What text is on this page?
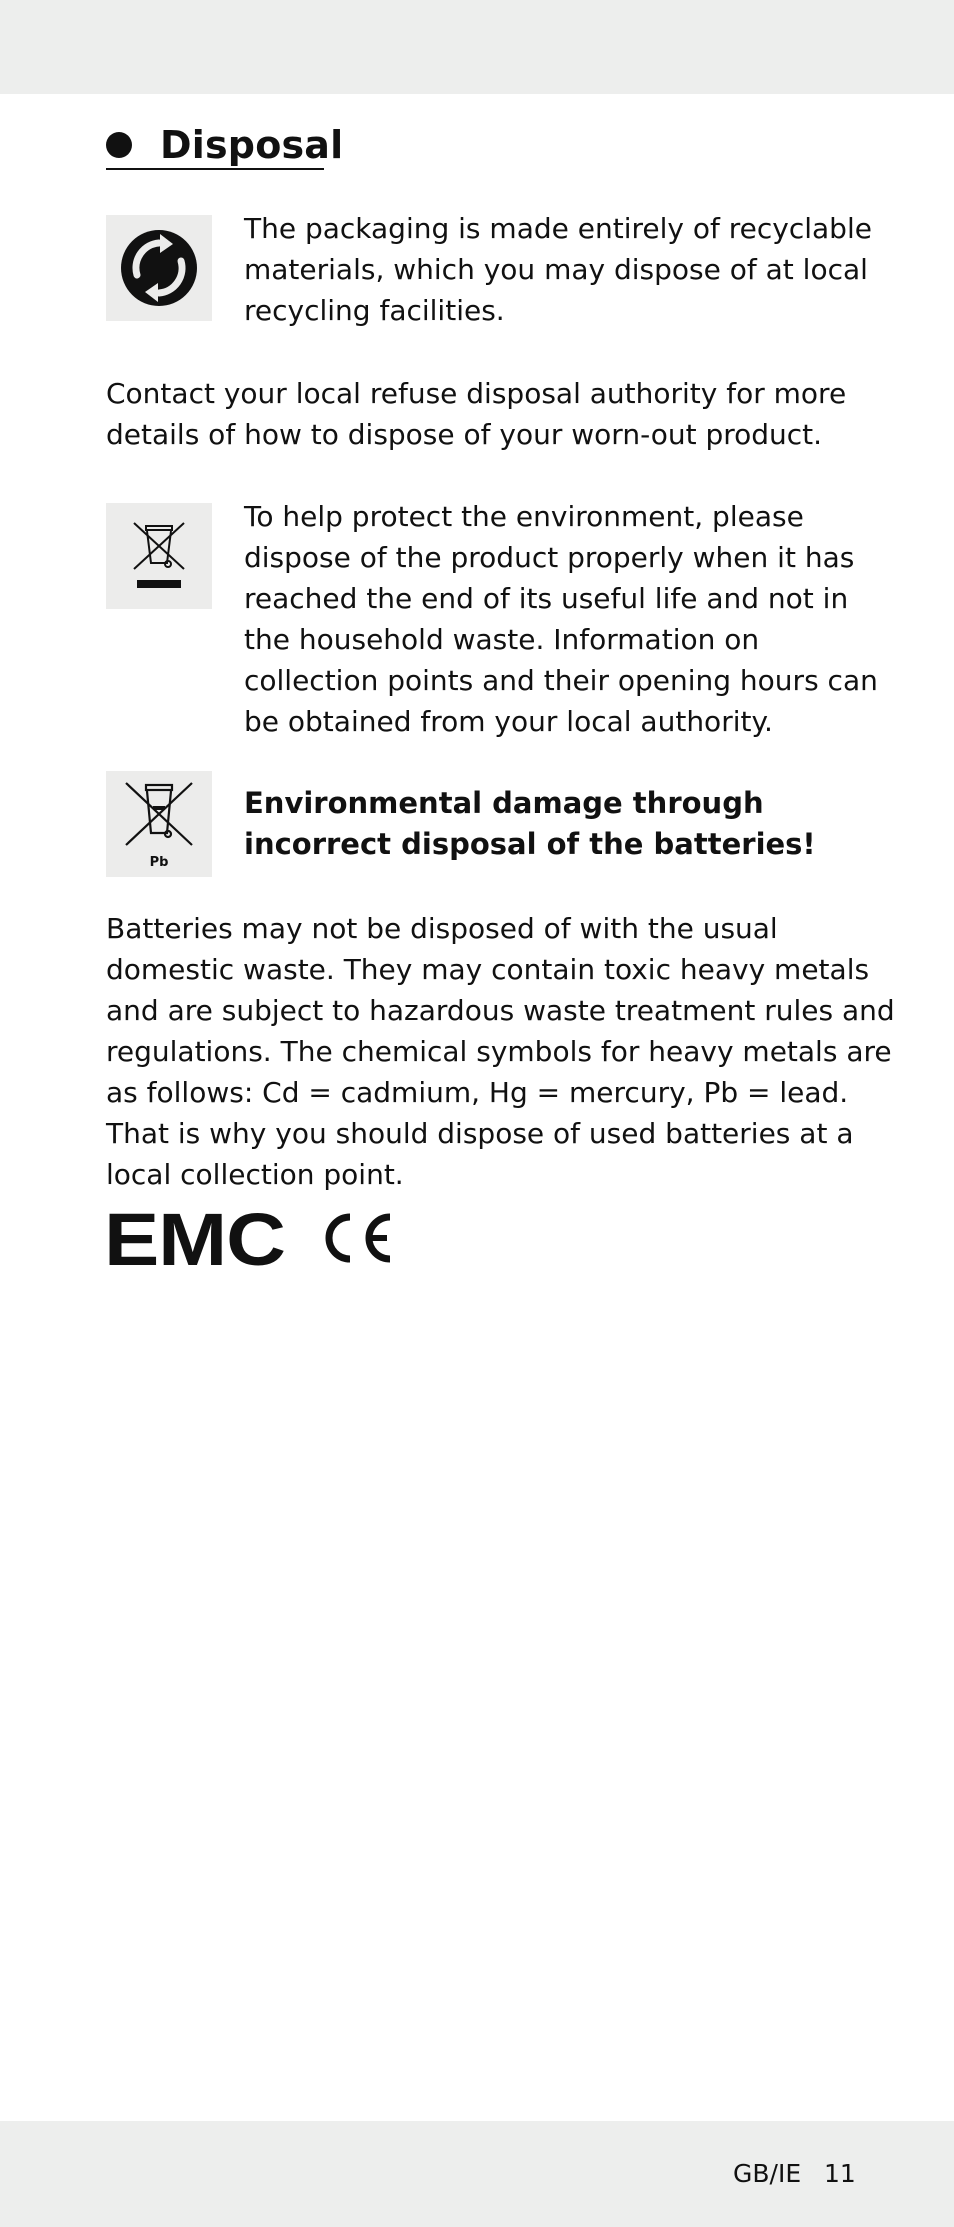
Disposal
The packaging is made entirely of recyclable materials, which you may dispose of at local recycling facilities.
Contact your local refuse disposal authority for more details of how to dispose of your worn-out product.
To help protect the environment, please dispose of the product properly when it has reached the end of its useful life and not in the household waste. Information on collection points and their opening hours can be obtained from your local authority.
Pb
Environmental damage through incorrect disposal of the batteries!
Batteries may not be disposed of with the usual domestic waste. They may contain toxic heavy metals and are subject to hazardous waste treatment rules and regulations. The chemical symbols for heavy metals are as follows: Cd = cadmium, Hg = mercury, Pb = lead. That is why you should dispose of used batteries at a local collection point.
EMC
GB/IE 11
